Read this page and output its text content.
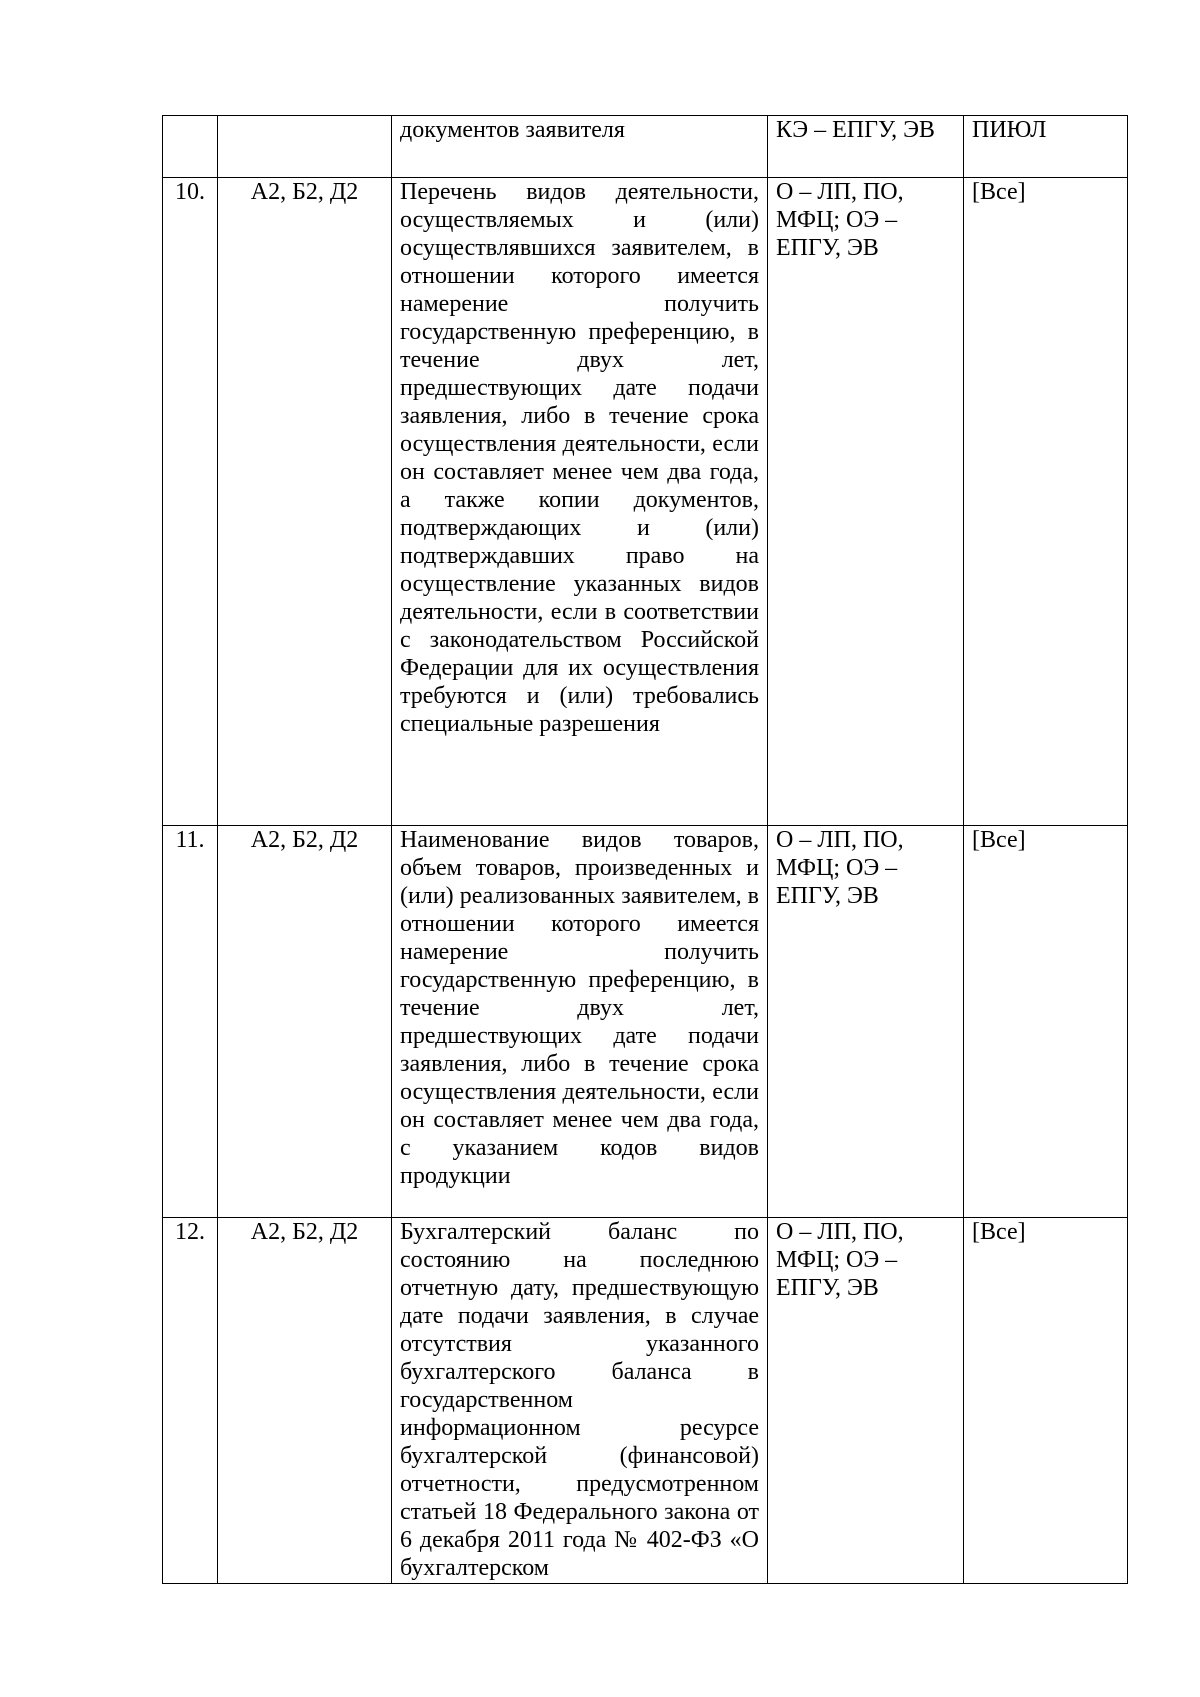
		документов заявителя	КЭ – ЕПГУ, ЭВ	ПИЮЛ

10.	А2, Б2, Д2	Перечень видов деятельности, осуществляемых и (или) осуществлявшихся заявителем, в отношении которого имеется намерение получить государственную преференцию, в течение двух лет, предшествующих дате подачи заявления, либо в течение срока осуществления деятельности, если он составляет менее чем два года, а также копии документов, подтверждающих и (или) подтверждавших право на осуществление указанных видов деятельности, если в соответствии с законодательством Российской Федерации для их осуществления требуются и (или) требовались специальные разрешения	О – ЛП, ПО, МФЦ; ОЭ – ЕПГУ, ЭВ	[Все]

11.	А2, Б2, Д2	Наименование видов товаров, объем товаров, произведенных и (или) реализованных заявителем, в отношении которого имеется намерение получить государственную преференцию, в течение двух лет, предшествующих дате подачи заявления, либо в течение срока осуществления деятельности, если он составляет менее чем два года, с указанием кодов видов продукции	О – ЛП, ПО, МФЦ; ОЭ – ЕПГУ, ЭВ	[Все]

12.	А2, Б2, Д2	Бухгалтерский баланс по состоянию на последнюю отчетную дату, предшествующую дате подачи заявления, в случае отсутствия указанного бухгалтерского баланса в государственном информационном ресурсе бухгалтерской (финансовой) отчетности, предусмотренном статьей 18 Федерального закона от 6 декабря 2011 года № 402-ФЗ «О бухгалтерском	О – ЛП, ПО, МФЦ; ОЭ – ЕПГУ, ЭВ	[Все]
